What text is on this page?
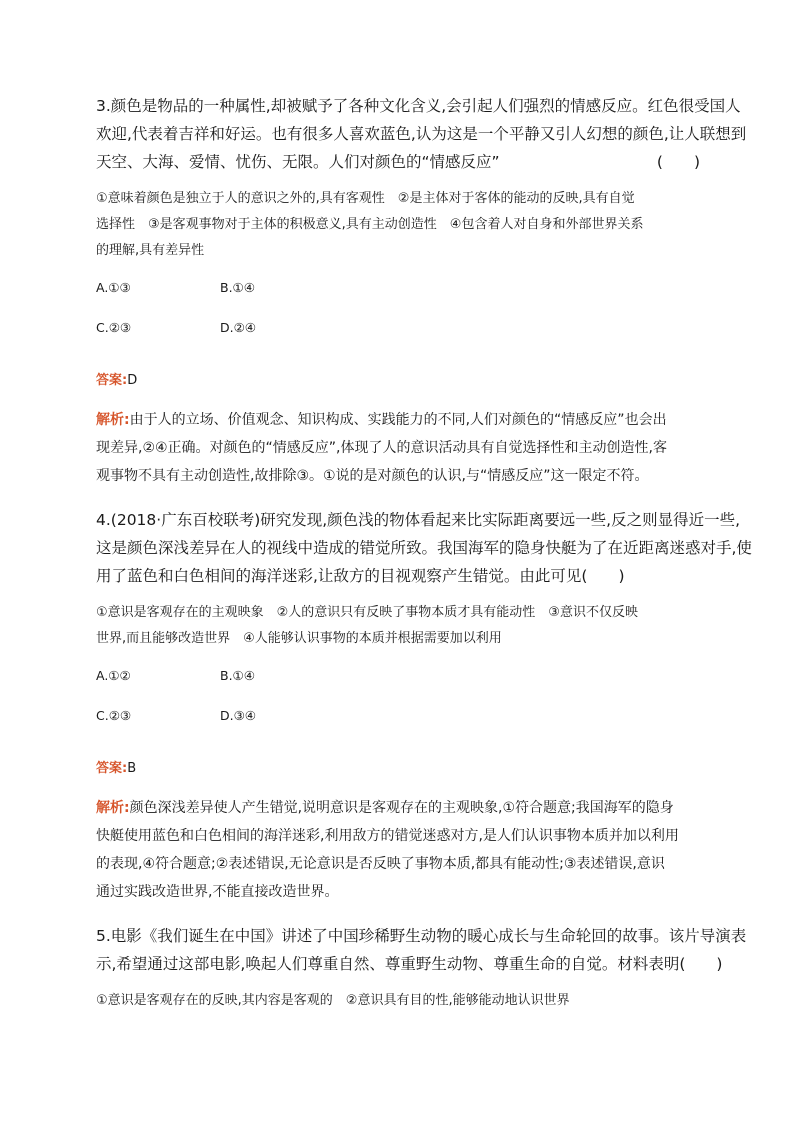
3.颜色是物品的一种属性,却被赋予了各种文化含义,会引起人们强烈的情感反应。红色很受国人
欢迎,代表着吉祥和好运。也有很多人喜欢蓝色,认为这是一个平静又引人幻想的颜色,让人联想到
天空、大海、爱情、忧伤、无限。人们对颜色的“情感反应”	(　　)
①意味着颜色是独立于人的意识之外的,具有客观性　②是主体对于客体的能动的反映,具有自觉
选择性　③是客观事物对于主体的积极意义,具有主动创造性　④包含着人对自身和外部世界关系
的理解,具有差异性
A.①③	B.①④
C.②③	D.②④
答案:D
解析:由于人的立场、价值观念、知识构成、实践能力的不同,人们对颜色的“情感反应”也会出
现差异,②④正确。对颜色的“情感反应”,体现了人的意识活动具有自觉选择性和主动创造性,客
观事物不具有主动创造性,故排除③。①说的是对颜色的认识,与“情感反应”这一限定不符。
4.(2018·广东百校联考)研究发现,颜色浅的物体看起来比实际距离要远一些,反之则显得近一些,
这是颜色深浅差异在人的视线中造成的错觉所致。我国海军的隐身快艇为了在近距离迷惑对手,使
用了蓝色和白色相间的海洋迷彩,让敌方的目视观察产生错觉。由此可见(　　)
①意识是客观存在的主观映象　②人的意识只有反映了事物本质才具有能动性　③意识不仅反映
世界,而且能够改造世界　④人能够认识事物的本质并根据需要加以利用
A.①②	B.①④
C.②③	D.③④
答案:B
解析:颜色深浅差异使人产生错觉,说明意识是客观存在的主观映象,①符合题意;我国海军的隐身
快艇使用蓝色和白色相间的海洋迷彩,利用敌方的错觉迷惑对方,是人们认识事物本质并加以利用
的表现,④符合题意;②表述错误,无论意识是否反映了事物本质,都具有能动性;③表述错误,意识
通过实践改造世界,不能直接改造世界。
5.电影《我们诞生在中国》讲述了中国珍稀野生动物的暖心成长与生命轮回的故事。该片导演表
示,希望通过这部电影,唤起人们尊重自然、尊重野生动物、尊重生命的自觉。材料表明(　　)
①意识是客观存在的反映,其内容是客观的　②意识具有目的性,能够能动地认识世界
